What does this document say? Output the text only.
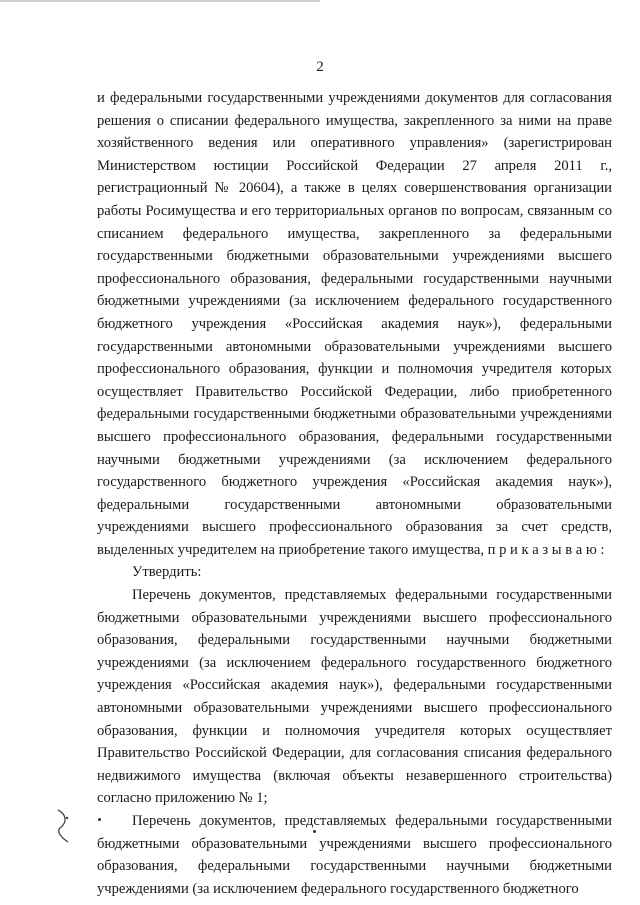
2

и федеральными государственными учреждениями документов для согласования решения о списании федерального имущества, закрепленного за ними на праве хозяйственного ведения или оперативного управления» (зарегистрирован Министерством юстиции Российской Федерации 27 апреля 2011 г., регистрационный № 20604), а также в целях совершенствования организации работы Росимущества и его территориальных органов по вопросам, связанным со списанием федерального имущества, закрепленного за федеральными государственными бюджетными образовательными учреждениями высшего профессионального образования, федеральными государственными научными бюджетными учреждениями (за исключением федерального государственного бюджетного учреждения «Российская академия наук»), федеральными государственными автономными образовательными учреждениями высшего профессионального образования, функции и полномочия учредителя которых осуществляет Правительство Российской Федерации, либо приобретенного федеральными государственными бюджетными образовательными учреждениями высшего профессионального образования, федеральными государственными научными бюджетными учреждениями (за исключением федерального государственного бюджетного учреждения «Российская академия наук»), федеральными государственными автономными образовательными учреждениями высшего профессионального образования за счет средств, выделенных учредителем на приобретение такого имущества, п р и к а з ы в а ю :

Утвердить:

Перечень документов, представляемых федеральными государственными бюджетными образовательными учреждениями высшего профессионального образования, федеральными государственными научными бюджетными учреждениями (за исключением федерального государственного бюджетного учреждения «Российская академия наук»), федеральными государственными автономными образовательными учреждениями высшего профессионального образования, функции и полномочия учредителя которых осуществляет Правительство Российской Федерации, для согласования списания федерального недвижимого имущества (включая объекты незавершенного строительства) согласно приложению № 1;

Перечень документов, представляемых федеральными государственными бюджетными образовательными учреждениями высшего профессионального образования, федеральными государственными научными бюджетными учреждениями (за исключением федерального государственного бюджетного
